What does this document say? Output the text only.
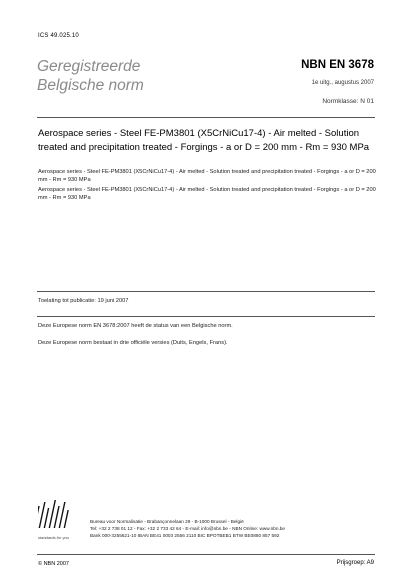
ICS 49.025.10
Geregistreerde
Belgische norm
NBN EN 3678
1e uitg., augustus 2007
Normklasse: N 01
Aerospace series - Steel FE-PM3801 (X5CrNiCu17-4) - Air melted - Solution treated and precipitation treated - Forgings - a or D = 200 mm - Rm = 930 MPa
Aerospace series - Steel FE-PM3801 (X5CrNiCu17-4) - Air melted - Solution treated and precipitation treated - Forgings - a or D = 200 mm - Rm = 930 MPa
Aerospace series - Steel FE-PM3801 (X5CrNiCu17-4) - Air melted - Solution treated and precipitation treated - Forgings - a or D = 200 mm - Rm = 930 MPa
Toelating tot publicatie: 19 juni 2007
Deze Europese norm EN 3678:2007 heeft de status van een Belgische norm.
Deze Europese norm bestaat in drie officiële versies (Duits, Engels, Frans).
standards for you
Bureau voor Normalisatie - Brabançonnelaan 29 - B-1000 Brussel - België
Tel: +32 2 738 01 12 - Fax: +32 2 733 42 64 - E-mail: info@nbn.be - NBN Online: www.nbn.be
Bank 000-3255621-10 IBAN BE41 0003 2556 2110 BIC BPOTBEB1 BTW BE0880 857 592
© NBN 2007	Prijsgroep: A9
